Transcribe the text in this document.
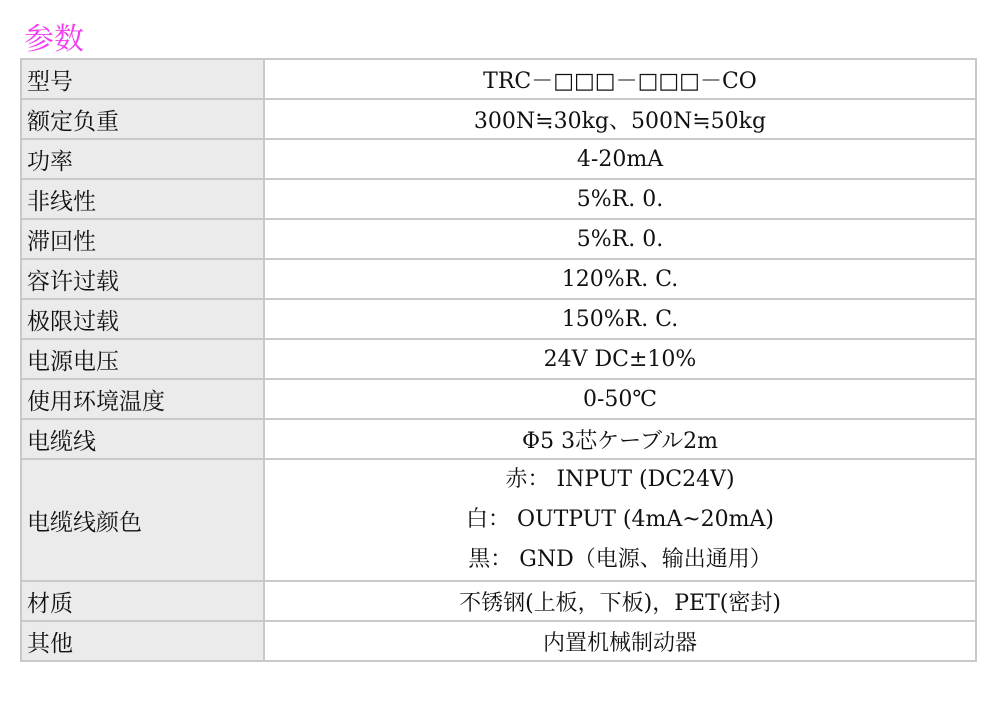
参数
型号	TRC－□□□－□□□－CO
额定负重	300N≒30kg、500N≒50kg
功率	4-20mA
非线性	5%R. 0.
滞回性	5%R. 0.
容许过载	120%R. C.
极限过载	150%R. C.
电源电压	24V DC±10%
使用环境温度	0-50℃
电缆线	Φ5 3芯ケーブル2m
电缆线颜色	赤： INPUT (DC24V)
白： OUTPUT (4mA~20mA)
黒： GND（电源、输出通用）

材质	不锈钢(上板，下板)，PET(密封)
其他	内置机械制动器
